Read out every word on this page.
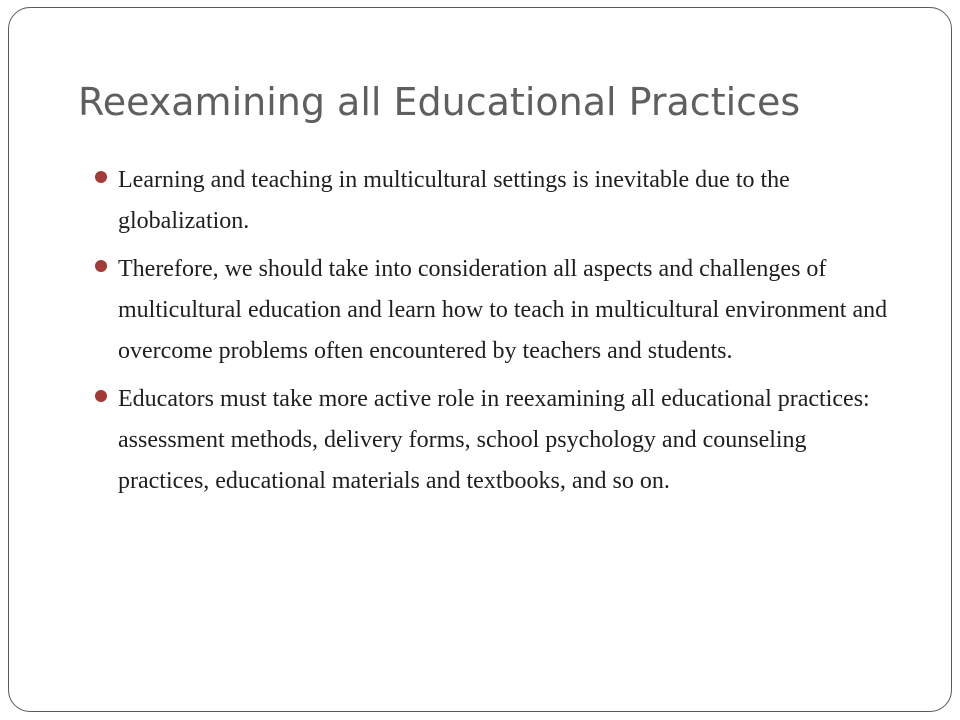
Reexamining all Educational Practices
Learning and teaching in multicultural settings is inevitable due to the globalization.
Therefore, we should take into consideration all aspects and challenges of multicultural education and learn how to teach in multicultural environment and overcome problems often encountered by teachers and students.
Educators must take more active role in reexamining all educational practices: assessment methods, delivery forms, school psychology and counseling practices, educational materials and textbooks, and so on.
